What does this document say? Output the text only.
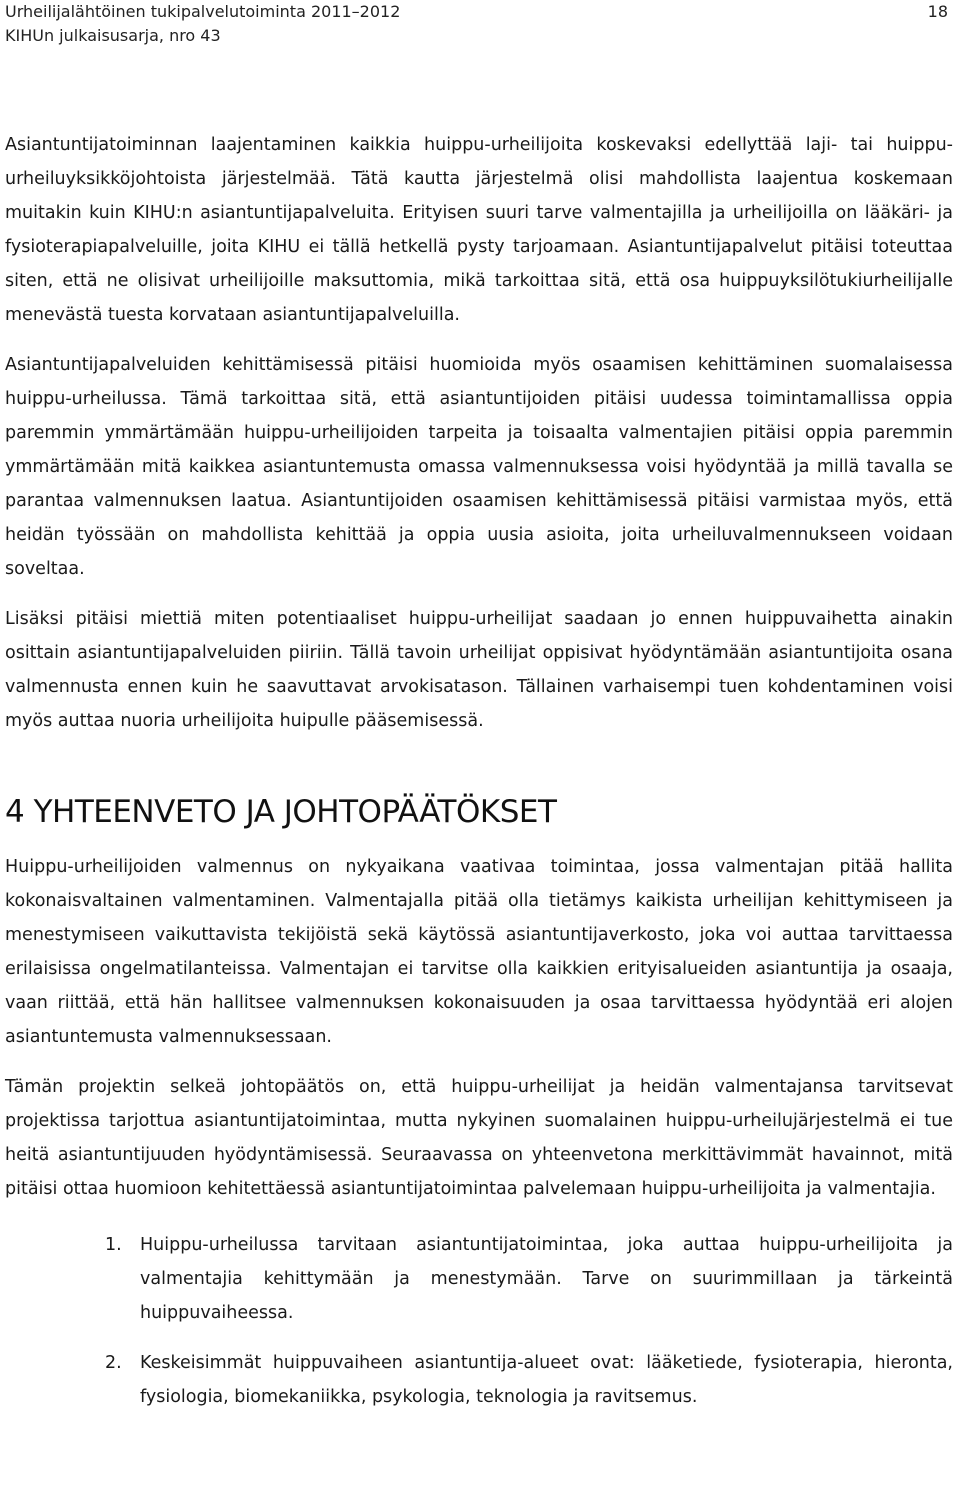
Urheilijalähtöinen tukipalvelutoiminta 2011–2012
KIHUn julkaisusarja, nro 43
18

Asiantuntijatoiminnan laajentaminen kaikkia huippu-urheilijoita koskevaksi edellyttää laji- tai huippu-urheiluyksikköjohtoista järjestelmää. Tätä kautta järjestelmä olisi mahdollista laajentua koskemaan muitakin kuin KIHU:n asiantuntijapalveluita. Erityisen suuri tarve valmentajilla ja urheilijoilla on lääkäri- ja fysioterapiapalveluille, joita KIHU ei tällä hetkellä pysty tarjoamaan. Asiantuntijapalvelut pitäisi toteuttaa siten, että ne olisivat urheilijoille maksuttomia, mikä tarkoittaa sitä, että osa huippuyksilötukiurheilijalle menevästä tuesta korvataan asiantuntijapalveluilla.

Asiantuntijapalveluiden kehittämisessä pitäisi huomioida myös osaamisen kehittäminen suomalaisessa huippu-urheilussa. Tämä tarkoittaa sitä, että asiantuntijoiden pitäisi uudessa toimintamallissa oppia paremmin ymmärtämään huippu-urheilijoiden tarpeita ja toisaalta valmentajien pitäisi oppia paremmin ymmärtämään mitä kaikkea asiantuntemusta omassa valmennuksessa voisi hyödyntää ja millä tavalla se parantaa valmennuksen laatua. Asiantuntijoiden osaamisen kehittämisessä pitäisi varmistaa myös, että heidän työssään on mahdollista kehittää ja oppia uusia asioita, joita urheiluvalmennukseen voidaan soveltaa.

Lisäksi pitäisi miettiä miten potentiaaliset huippu-urheilijat saadaan jo ennen huippuvaihetta ainakin osittain asiantuntijapalveluiden piiriin. Tällä tavoin urheilijat oppisivat hyödyntämään asiantuntijoita osana valmennusta ennen kuin he saavuttavat arvokisatason. Tällainen varhaisempi tuen kohdentaminen voisi myös auttaa nuoria urheilijoita huipulle pääsemisessä.

4 YHTEENVETO JA JOHTOPÄÄTÖKSET

Huippu-urheilijoiden valmennus on nykyaikana vaativaa toimintaa, jossa valmentajan pitää hallita kokonaisvaltainen valmentaminen. Valmentajalla pitää olla tietämys kaikista urheilijan kehittymiseen ja menestymiseen vaikuttavista tekijöistä sekä käytössä asiantuntijaverkosto, joka voi auttaa tarvittaessa erilaisissa ongelmatilanteissa. Valmentajan ei tarvitse olla kaikkien erityisalueiden asiantuntija ja osaaja, vaan riittää, että hän hallitsee valmennuksen kokonaisuuden ja osaa tarvittaessa hyödyntää eri alojen asiantuntemusta valmennuksessaan.

Tämän projektin selkeä johtopäätös on, että huippu-urheilijat ja heidän valmentajansa tarvitsevat projektissa tarjottua asiantuntijatoimintaa, mutta nykyinen suomalainen huippu-urheilujärjestelmä ei tue heitä asiantuntijuuden hyödyntämisessä. Seuraavassa on yhteenvetona merkittävimmät havainnot, mitä pitäisi ottaa huomioon kehitettäessä asiantuntijatoimintaa palvelemaan huippu-urheilijoita ja valmentajia.

1. Huippu-urheilussa tarvitaan asiantuntijatoimintaa, joka auttaa huippu-urheilijoita ja valmentajia kehittymään ja menestymään. Tarve on suurimmillaan ja tärkeintä huippuvaiheessa.
2. Keskeisimmät huippuvaiheen asiantuntija-alueet ovat: lääketiede, fysioterapia, hieronta, fysiologia, biomekaniikka, psykologia, teknologia ja ravitsemus.
